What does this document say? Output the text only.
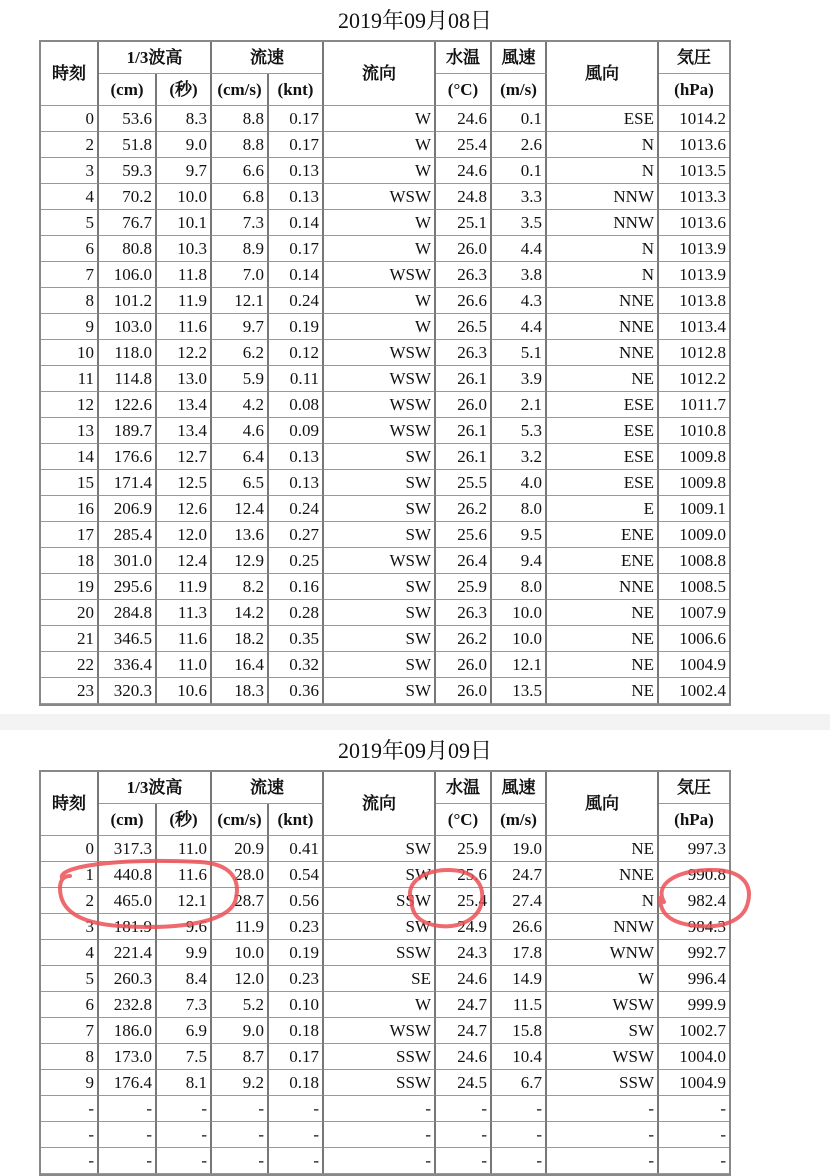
2019年09月08日
時刻	1/3波高		流速		流向	水温	風速	風向	気圧
	(cm)	(秒)	(cm/s)	(knt)		(°C)	(m/s)		(hPa)
0	53.6	8.3	8.8	0.17	W	24.6	0.1	ESE	1014.2
2	51.8	9.0	8.8	0.17	W	25.4	2.6	N	1013.6
3	59.3	9.7	6.6	0.13	W	24.6	0.1	N	1013.5
4	70.2	10.0	6.8	0.13	WSW	24.8	3.3	NNW	1013.3
5	76.7	10.1	7.3	0.14	W	25.1	3.5	NNW	1013.6
6	80.8	10.3	8.9	0.17	W	26.0	4.4	N	1013.9
7	106.0	11.8	7.0	0.14	WSW	26.3	3.8	N	1013.9
8	101.2	11.9	12.1	0.24	W	26.6	4.3	NNE	1013.8
9	103.0	11.6	9.7	0.19	W	26.5	4.4	NNE	1013.4
10	118.0	12.2	6.2	0.12	WSW	26.3	5.1	NNE	1012.8
11	114.8	13.0	5.9	0.11	WSW	26.1	3.9	NE	1012.2
12	122.6	13.4	4.2	0.08	WSW	26.0	2.1	ESE	1011.7
13	189.7	13.4	4.6	0.09	WSW	26.1	5.3	ESE	1010.8
14	176.6	12.7	6.4	0.13	SW	26.1	3.2	ESE	1009.8
15	171.4	12.5	6.5	0.13	SW	25.5	4.0	ESE	1009.8
16	206.9	12.6	12.4	0.24	SW	26.2	8.0	E	1009.1
17	285.4	12.0	13.6	0.27	SW	25.6	9.5	ENE	1009.0
18	301.0	12.4	12.9	0.25	WSW	26.4	9.4	ENE	1008.8
19	295.6	11.9	8.2	0.16	SW	25.9	8.0	NNE	1008.5
20	284.8	11.3	14.2	0.28	SW	26.3	10.0	NE	1007.9
21	346.5	11.6	18.2	0.35	SW	26.2	10.0	NE	1006.6
22	336.4	11.0	16.4	0.32	SW	26.0	12.1	NE	1004.9
23	320.3	10.6	18.3	0.36	SW	26.0	13.5	NE	1002.4
2019年09月09日
時刻	1/3波高		流速		流向	水温	風速	風向	気圧
	(cm)	(秒)	(cm/s)	(knt)		(°C)	(m/s)		(hPa)
0	317.3	11.0	20.9	0.41	SW	25.9	19.0	NE	997.3
1	440.8	11.6	28.0	0.54	SW	25.6	24.7	NNE	990.8
2	465.0	12.1	28.7	0.56	SSW	25.4	27.4	N	982.4
3	181.9	9.6	11.9	0.23	SW	24.9	26.6	NNW	984.3
4	221.4	9.9	10.0	0.19	SSW	24.3	17.8	WNW	992.7
5	260.3	8.4	12.0	0.23	SE	24.6	14.9	W	996.4
6	232.8	7.3	5.2	0.10	W	24.7	11.5	WSW	999.9
7	186.0	6.9	9.0	0.18	WSW	24.7	15.8	SW	1002.7
8	173.0	7.5	8.7	0.17	SSW	24.6	10.4	WSW	1004.0
9	176.4	8.1	9.2	0.18	SSW	24.5	6.7	SSW	1004.9
-	-	-	-	-	-	-	-	-	-
-	-	-	-	-	-	-	-	-	-
-	-	-	-	-	-	-	-	-	-
